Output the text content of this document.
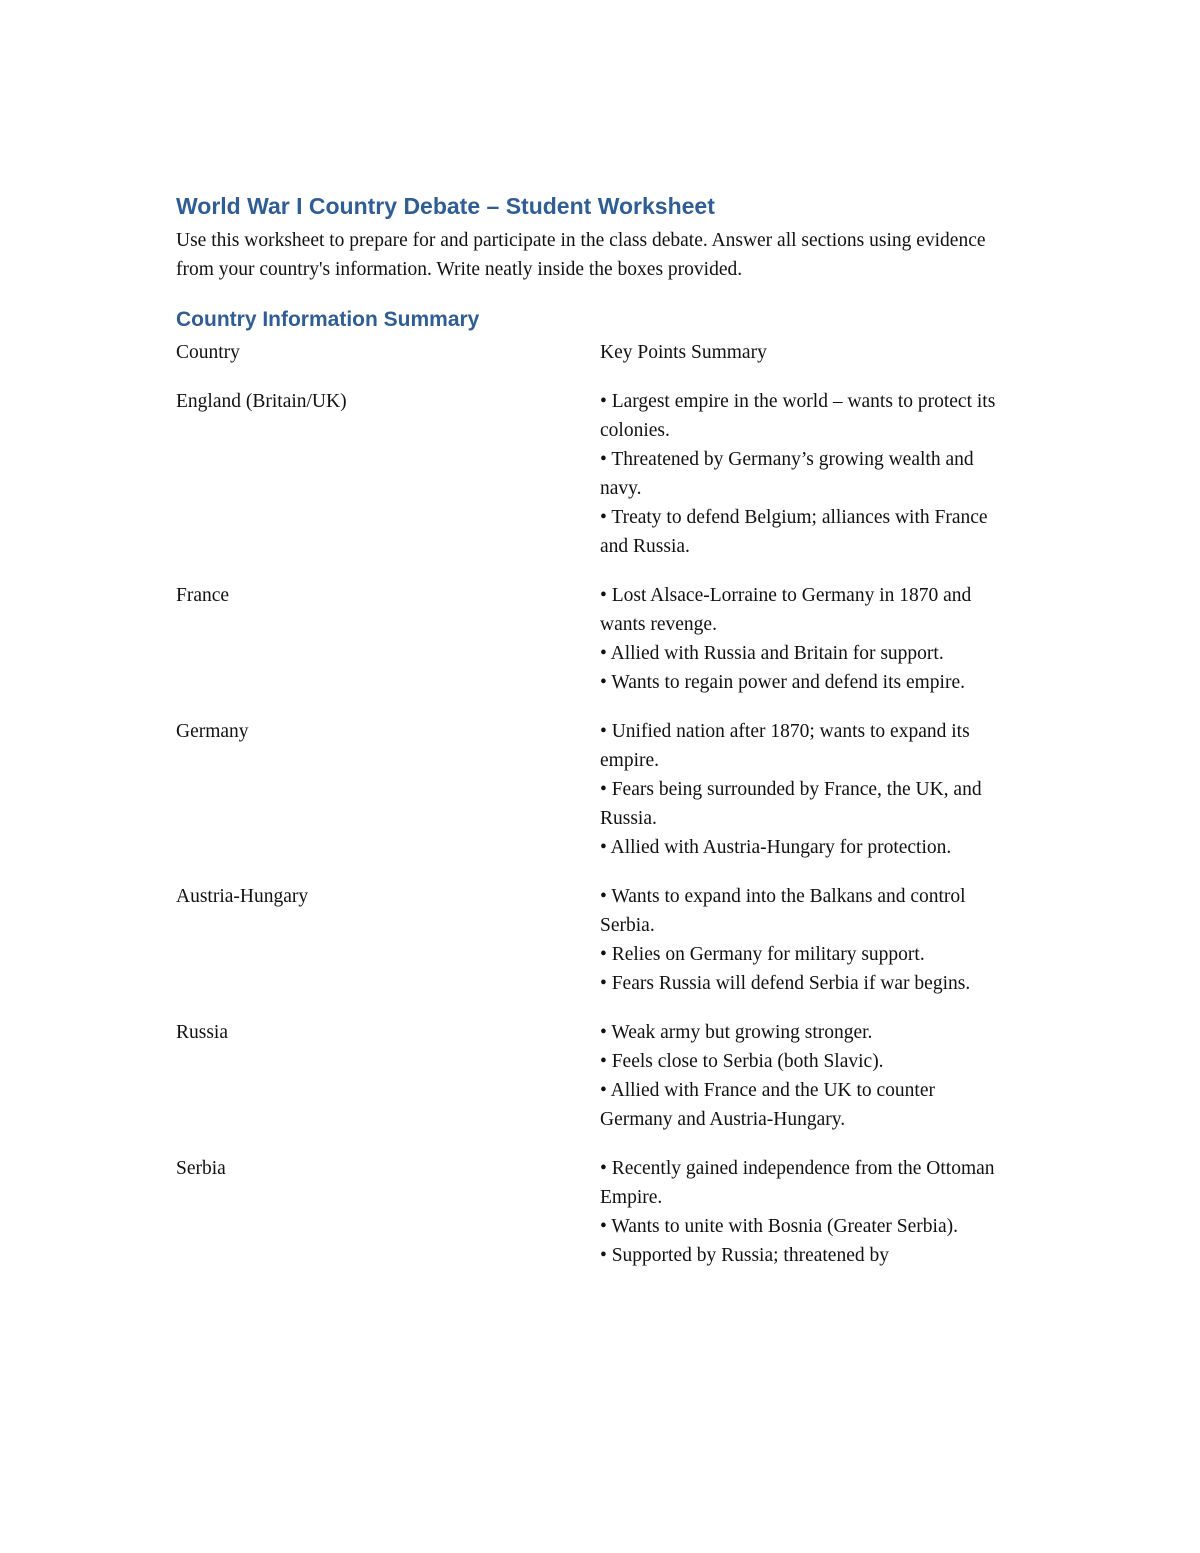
World War I Country Debate – Student Worksheet
Use this worksheet to prepare for and participate in the class debate. Answer all sections using evidence from your country's information. Write neatly inside the boxes provided.
Country Information Summary
Country	Key Points Summary
England (Britain/UK)	• Largest empire in the world – wants to protect its colonies.
• Threatened by Germany’s growing wealth and navy.
• Treaty to defend Belgium; alliances with France and Russia.
France	• Lost Alsace-Lorraine to Germany in 1870 and wants revenge.
• Allied with Russia and Britain for support.
• Wants to regain power and defend its empire.
Germany	• Unified nation after 1870; wants to expand its empire.
• Fears being surrounded by France, the UK, and Russia.
• Allied with Austria-Hungary for protection.
Austria-Hungary	• Wants to expand into the Balkans and control Serbia.
• Relies on Germany for military support.
• Fears Russia will defend Serbia if war begins.
Russia	• Weak army but growing stronger.
• Feels close to Serbia (both Slavic).
• Allied with France and the UK to counter Germany and Austria-Hungary.
Serbia	• Recently gained independence from the Ottoman Empire.
• Wants to unite with Bosnia (Greater Serbia).
• Supported by Russia; threatened by
